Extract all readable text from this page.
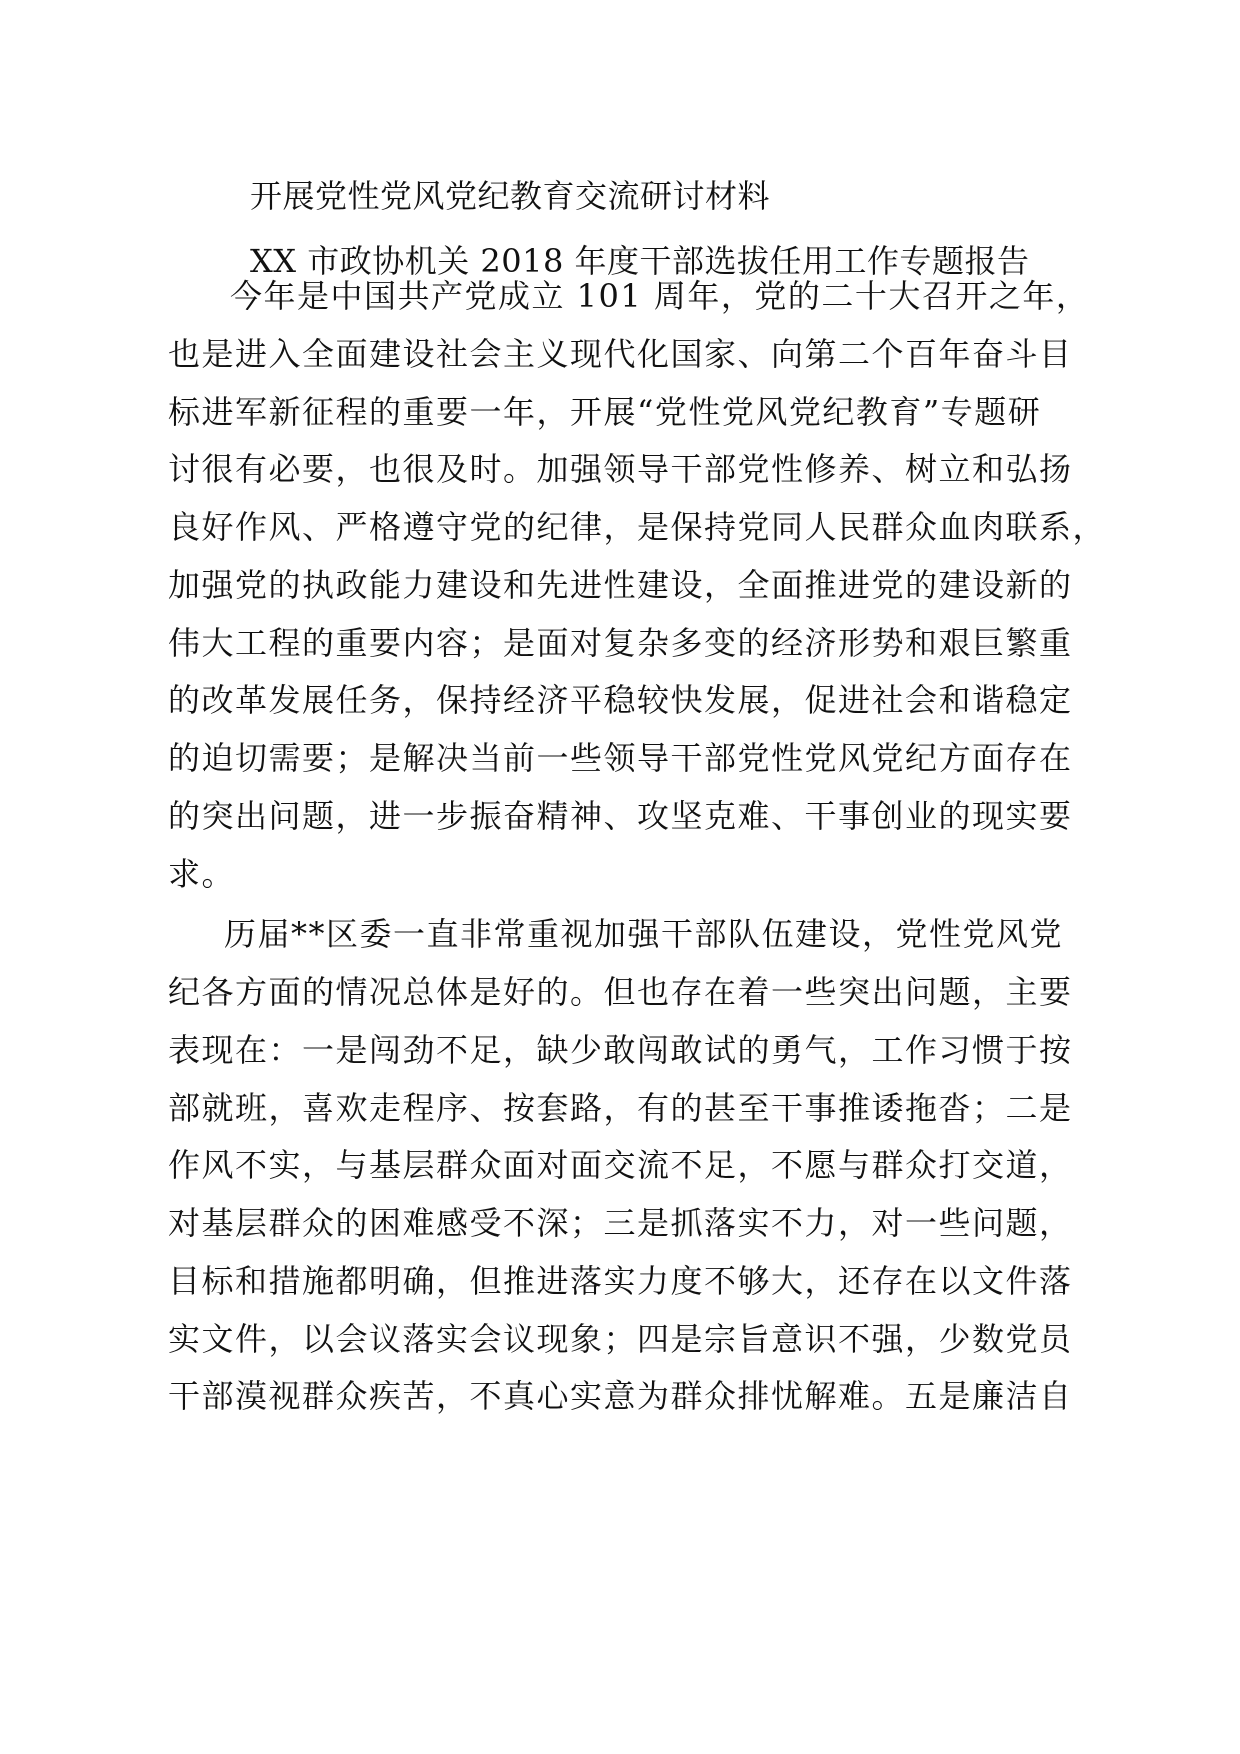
开展党性党风党纪教育交流研讨材料
XX 市政协机关 2018 年度干部选拔任用工作专题报告
今年是中国共产党成立 101 周年，党的二十大召开之年，
也是进入全面建设社会主义现代化国家、向第二个百年奋斗目
标进军新征程的重要一年，开展“党性党风党纪教育”专题研
讨很有必要，也很及时。加强领导干部党性修养、树立和弘扬
良好作风、严格遵守党的纪律，是保持党同人民群众血肉联系，
加强党的执政能力建设和先进性建设，全面推进党的建设新的
伟大工程的重要内容；是面对复杂多变的经济形势和艰巨繁重
的改革发展任务，保持经济平稳较快发展，促进社会和谐稳定
的迫切需要；是解决当前一些领导干部党性党风党纪方面存在
的突出问题，进一步振奋精神、攻坚克难、干事创业的现实要
求。
历届**区委一直非常重视加强干部队伍建设，党性党风党
纪各方面的情况总体是好的。但也存在着一些突出问题，主要
表现在：一是闯劲不足，缺少敢闯敢试的勇气，工作习惯于按
部就班，喜欢走程序、按套路，有的甚至干事推诿拖沓；二是
作风不实，与基层群众面对面交流不足，不愿与群众打交道，
对基层群众的困难感受不深；三是抓落实不力，对一些问题，
目标和措施都明确，但推进落实力度不够大，还存在以文件落
实文件，以会议落实会议现象；四是宗旨意识不强，少数党员
干部漠视群众疾苦，不真心实意为群众排忧解难。五是廉洁自
